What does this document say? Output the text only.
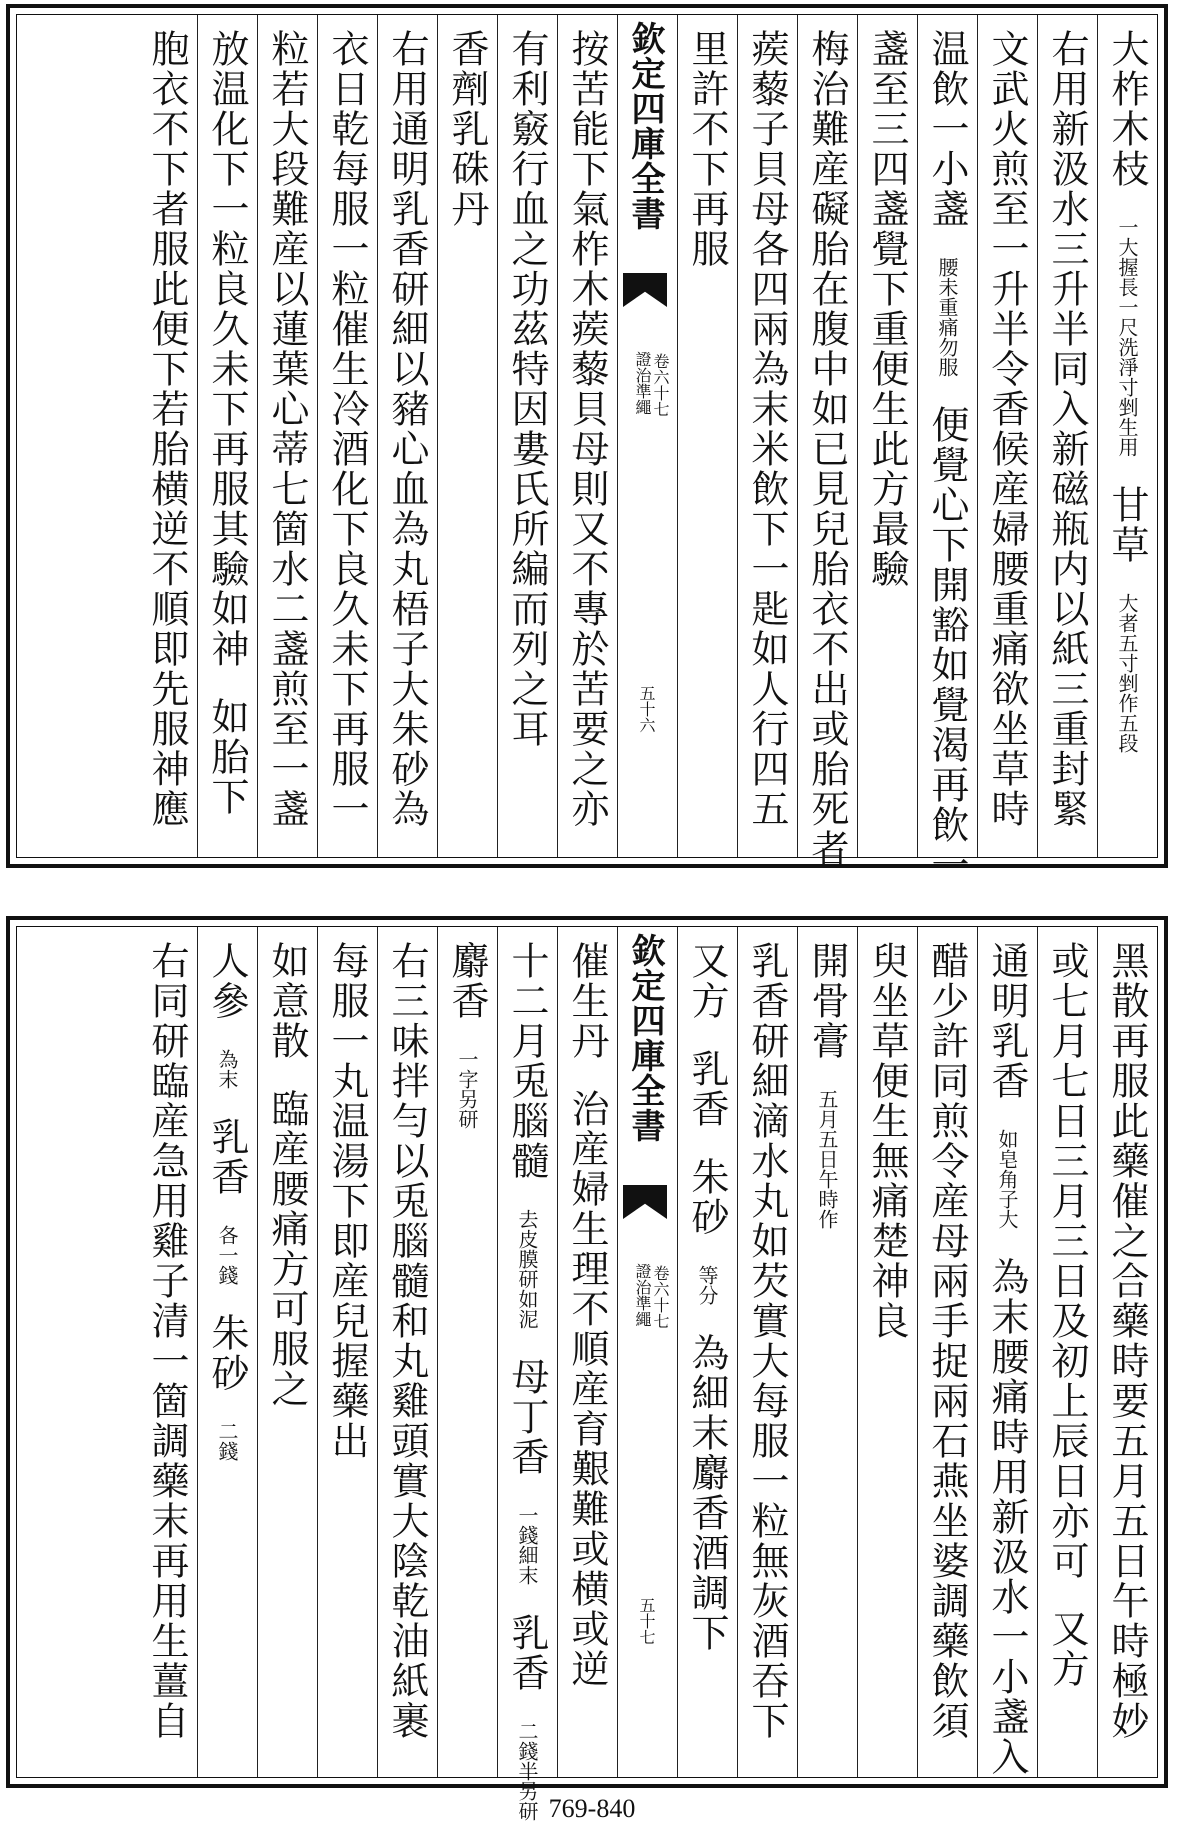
大柞木枝一大握長一尺洗淨寸剉生用甘草大者五寸剉作五段
右用新汲水三升半同入新磁瓶内以紙三重封緊
文武火煎至一升半令香候産婦腰重痛欲坐草時
温飲一小盞腰未重痛勿服便覺心下開豁如覺渴再飲一
盞至三四盞覺下重便生此方最驗
梅治難産礙胎在腹中如已見兒胎衣不出或胎死者
蒺藜子貝母各四兩為末米飲下一匙如人行四五
里許不下再服
欽定四庫全書
證治準繩 卷六十七
五十六
按苦能下氣柞木蒺藜貝母則又不專於苦要之亦
有利竅行血之功茲特因婁氏所編而列之耳
香劑乳硃丹
右用通明乳香研細以豬心血為丸梧子大朱砂為
衣日乾每服一粒催生冷酒化下良久未下再服一
粒若大段難産以蓮葉心蒂七箇水二盞煎至一盞
放温化下一粒良久未下再服其驗如神如胎下
胞衣不下者服此便下若胎横逆不順即先服神應
黑散再服此藥催之合藥時要五月五日午時極妙
或七月七日三月三日及初上辰日亦可又方
通明乳香如皂角子大為末腰痛時用新汲水一小盞入
醋少許同煎令産母兩手捉兩石燕坐婆調藥飲須
臾坐草便生無痛楚神良
開骨膏五月五日午時作
乳香研細滴水丸如芡實大每服一粒無灰酒吞下
又方乳香朱砂等分為細末麝香酒調下
欽定四庫全書
證治準繩 卷六十七
五十七
催生丹治産婦生理不順産育艱難或横或逆
十二月兎腦髓去皮膜研如泥母丁香一錢細末乳香二錢半另研
麝香一字另研
右三味拌勻以兎腦髓和丸雞頭實大陰乾油紙裹
每服一丸温湯下即産兒握藥出
如意散臨産腰痛方可服之
人參為末乳香各一錢朱砂二錢
右同研臨産急用雞子清一箇調藥末再用生薑自
769-840
